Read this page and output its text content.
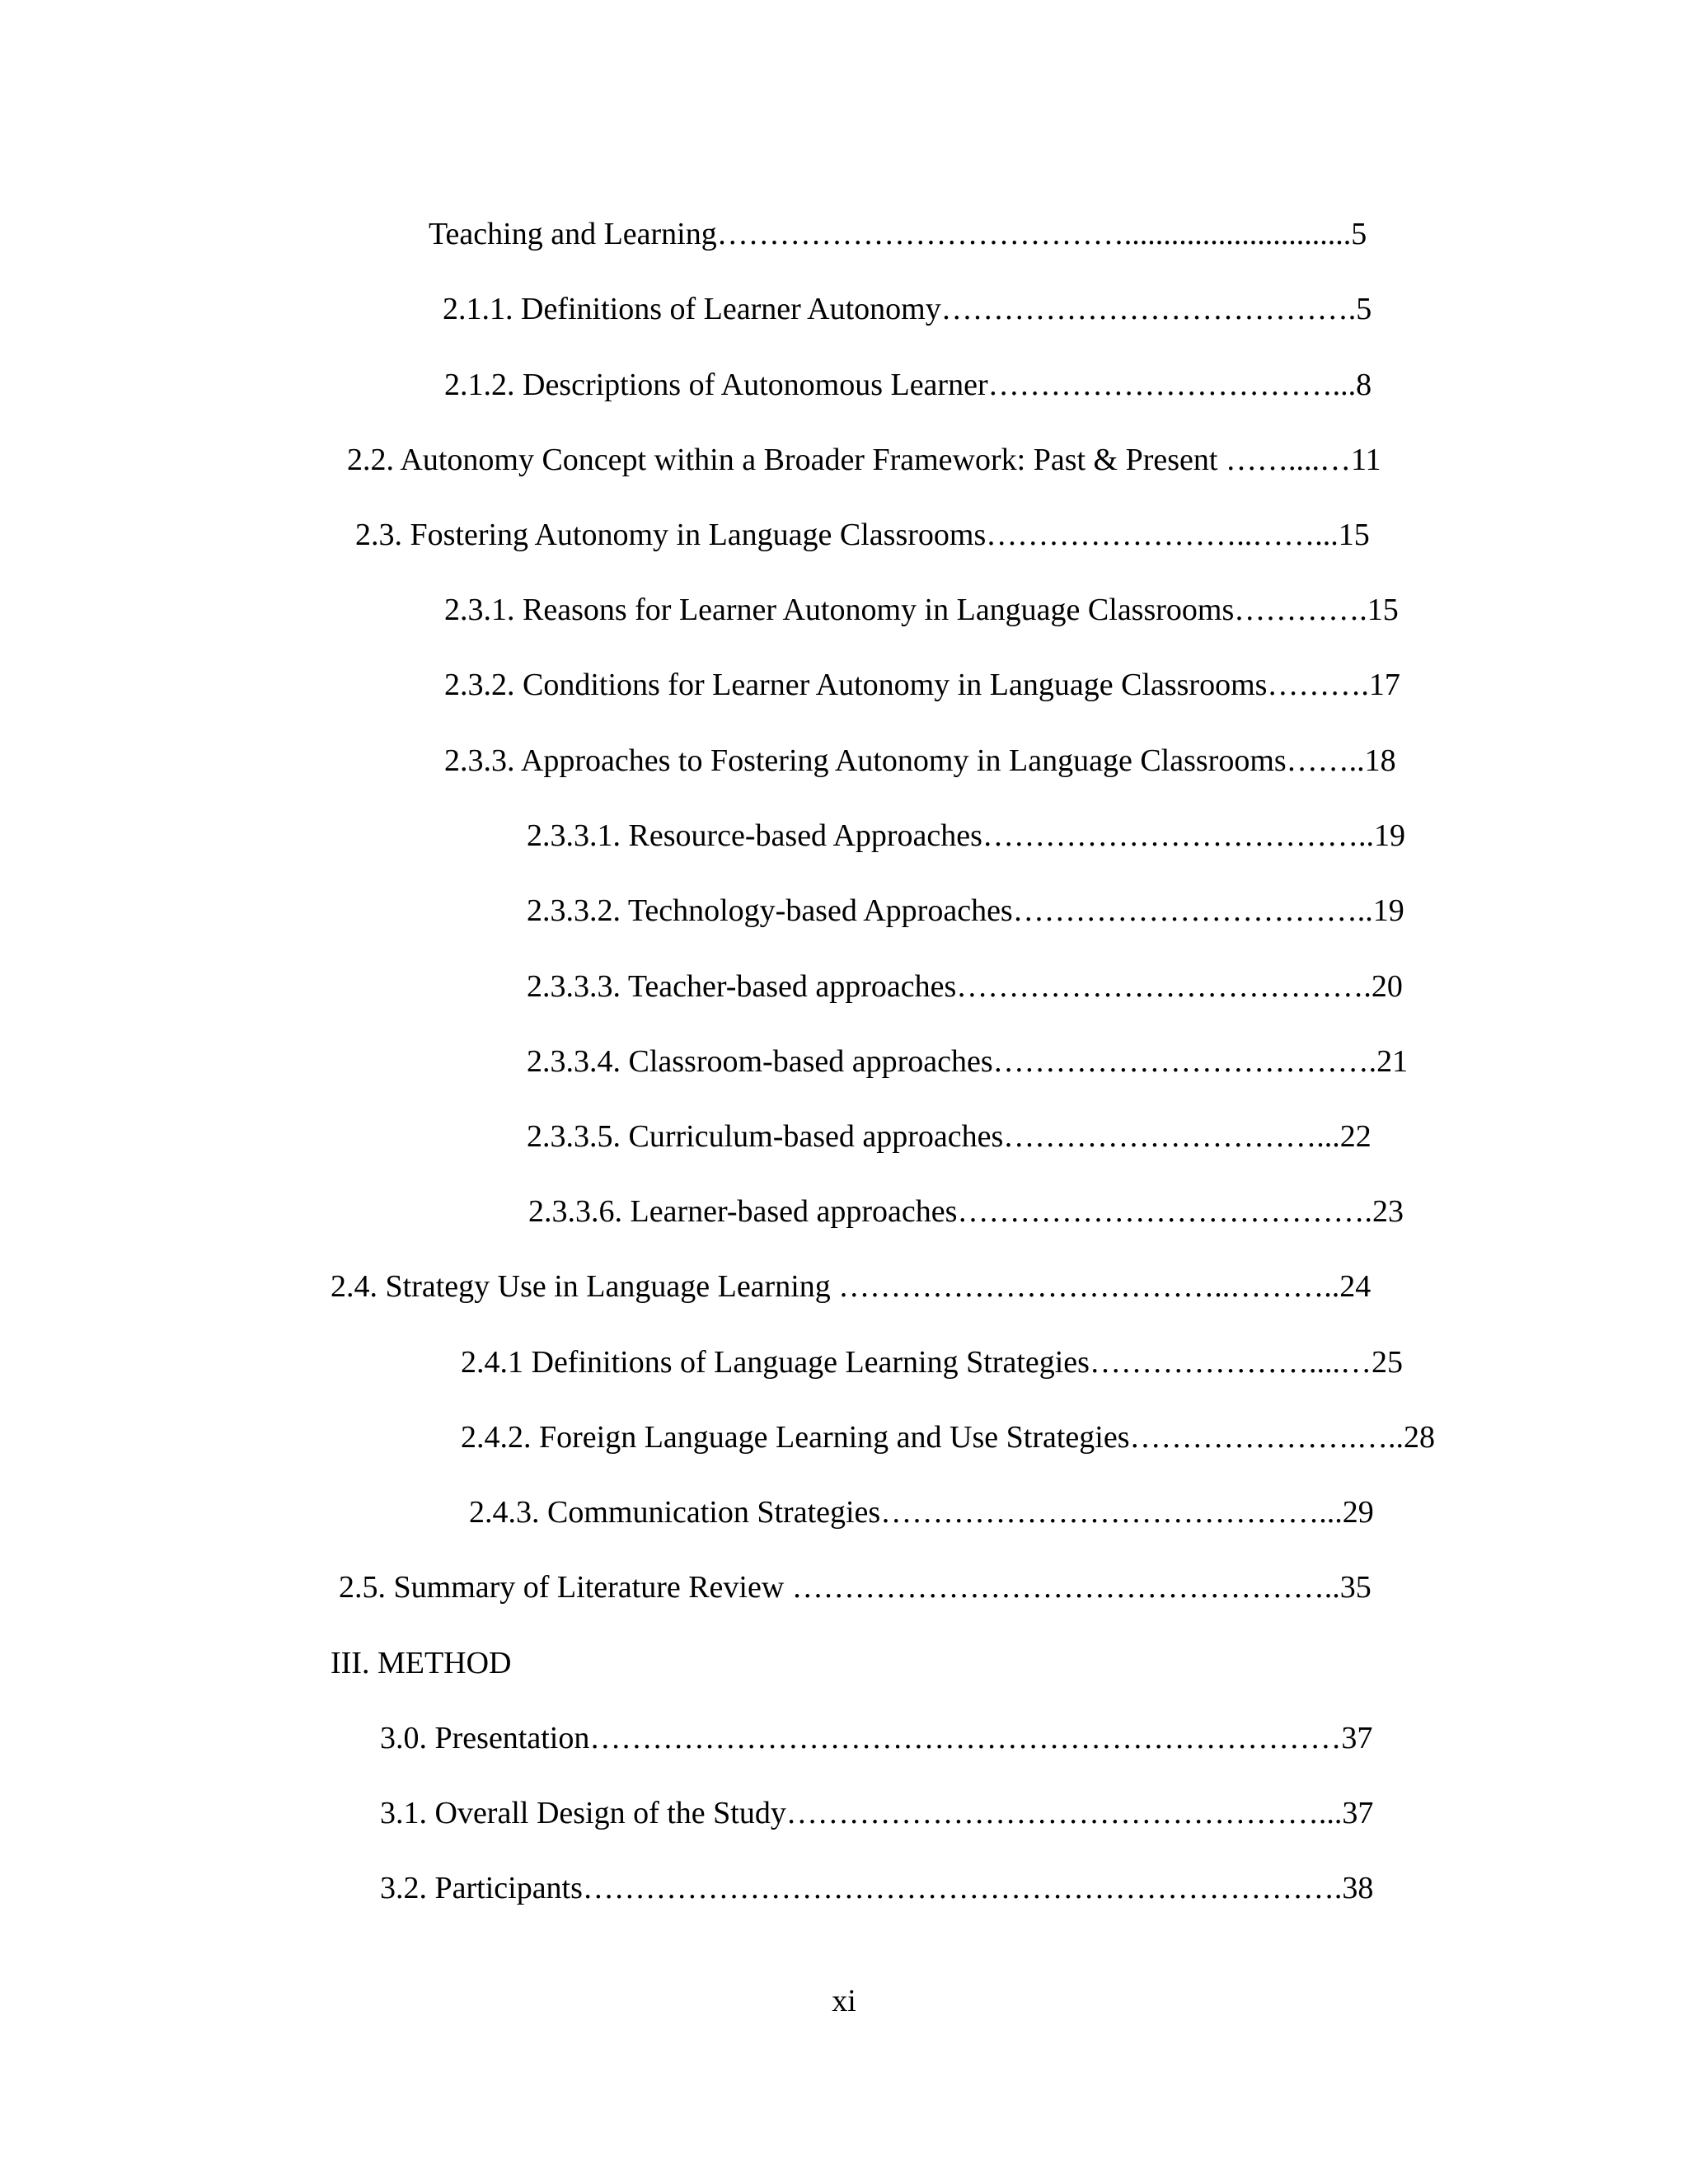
Teaching and Learning………………………………….............................5
2.1.1. Definitions of Learner Autonomy………………………………….5
2.1.2. Descriptions of Autonomous Learner……………………………...8
2.2. Autonomy Concept within a Broader Framework: Past & Present ……....…11
2.3. Fostering Autonomy in Language Classrooms……………………..……...15
2.3.1. Reasons for Learner Autonomy in Language Classrooms………….15
2.3.2. Conditions for Learner Autonomy in Language Classrooms……….17
2.3.3. Approaches to Fostering Autonomy in Language Classrooms……..18
2.3.3.1. Resource-based Approaches………………………………..19
2.3.3.2. Technology-based Approaches……………………………..19
2.3.3.3. Teacher-based approaches………………………………….20
2.3.3.4. Classroom-based approaches……………………………….21
2.3.3.5. Curriculum-based approaches…………………………...22
2.3.3.6. Learner-based approaches………………………………….23
2.4. Strategy Use in Language Learning ………………………………..………..24
2.4.1 Definitions of Language Learning Strategies…………………....…25
2.4.2. Foreign Language Learning and Use Strategies………………….…..28
2.4.3. Communication Strategies……………………………………...29
2.5. Summary of Literature Review ……………………………………………..35
III. METHOD
3.0. Presentation………………………………………………………………37
3.1. Overall Design of the Study……………………………………………...37
3.2. Participants……………………………………………………………….38
xi
